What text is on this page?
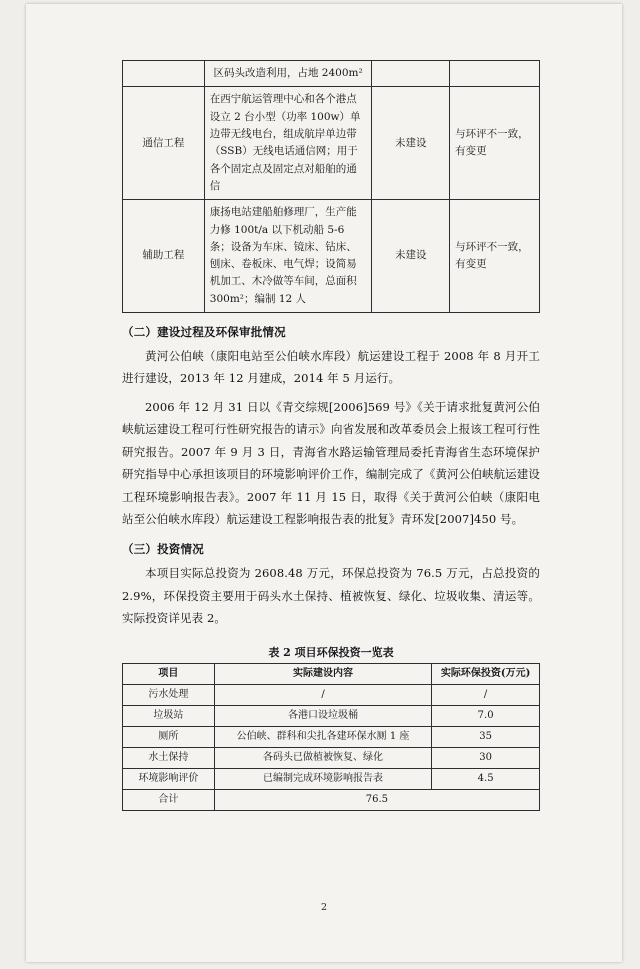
	区码头改造利用，占地 2400m²		
通信工程	在西宁航运管理中心和各个港点设立 2 台小型（功率 100w）单边带无线电台，组成航岸单边带（SSB）无线电话通信网；用于各个固定点及固定点对船舶的通信	未建设	与环评不一致，有变更
辅助工程	康扬电站建船舶修理厂，生产能力修 100t/a 以下机动船 5-6 条；设备为车床、镜床、钻床、刨床、卷板床、电气焊；设简易机加工、木冷做等车间，总面积 300m²；编制 12 人	未建设	与环评不一致，有变更
（二）建设过程及环保审批情况

黄河公伯峡（康阳电站至公伯峡水库段）航运建设工程于 2008 年 8 月开工进行建设，2013 年 12 月建成，2014 年 5 月运行。

2006 年 12 月 31 日以《青交综规[2006]569 号》《关于请求批复黄河公伯峡航运建设工程可行性研究报告的请示》向省发展和改革委员会上报该工程可行性研究报告。2007 年 9 月 3 日，青海省水路运输管理局委托青海省生态环境保护研究指导中心承担该项目的环境影响评价工作，编制完成了《黄河公伯峡航运建设工程环境影响报告表》。2007 年 11 月 15 日，取得《关于黄河公伯峡（康阳电站至公伯峡水库段）航运建设工程影响报告表的批复》青环发[2007]450 号。

（三）投资情况

本项目实际总投资为 2608.48 万元，环保总投资为 76.5 万元，占总投资的 2.9%，环保投资主要用于码头水土保持、植被恢复、绿化、垃圾收集、清运等。实际投资详见表 2。

表 2 项目环保投资一览表
项目	实际建设内容	实际环保投资(万元)
污水处理	/	/
垃圾站	各港口设垃圾桶	7.0
厕所	公伯峡、群科和尖扎各建环保水厕 1 座	35
水土保持	各码头已做植被恢复、绿化	30
环境影响评价	已编制完成环境影响报告表	4.5
合计	76.5	
2
